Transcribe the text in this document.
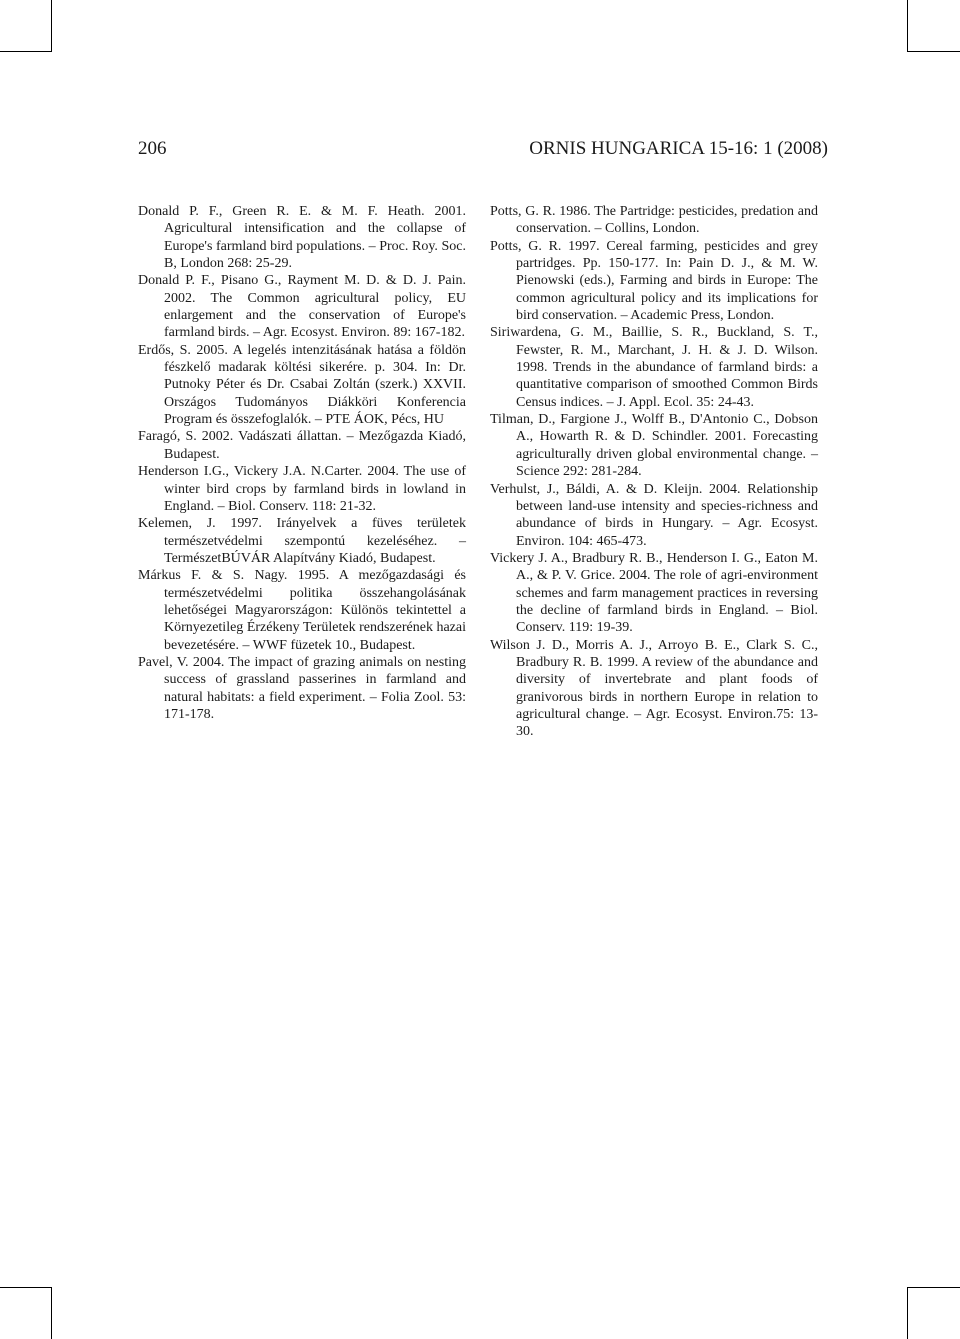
206	ORNIS HUNGARICA 15-16: 1 (2008)

Donald P. F., Green R. E. & M. F. Heath. 2001. Agricultural intensification and the collapse of Europe's farmland bird populations. – Proc. Roy. Soc. B, London 268: 25-29.

Donald P. F., Pisano G., Rayment M. D. & D. J. Pain. 2002. The Common agricultural policy, EU enlargement and the conservation of Europe's farmland birds. – Agr. Ecosyst. Environ. 89: 167-182.

Erdős, S. 2005. A legelés intenzitásának hatása a földön fészkelő madarak költési sikerére. p. 304. In: Dr. Putnoky Péter és Dr. Csabai Zoltán (szerk.) XXVII. Országos Tudományos Diákköri Konferencia Program és összefoglalók. – PTE ÁOK, Pécs, HU

Faragó, S. 2002. Vadászati állattan. – Mezőgazda Kiadó, Budapest.

Henderson I.G., Vickery J.A. N.Carter. 2004. The use of winter bird crops by farmland birds in lowland in England. – Biol. Conserv. 118: 21-32.

Kelemen, J. 1997. Irányelvek a füves területek természetvédelmi szempontú kezeléséhez. – TermészetBÚVÁR Alapítvány Kiadó, Budapest.

Márkus F. & S. Nagy. 1995. A mezőgazdasági és természetvédelmi politika összehangolásának lehetőségei Magyarországon: Különös tekintettel a Környezetileg Érzékeny Területek rendszerének hazai bevezetésére. – WWF füzetek 10., Budapest.

Pavel, V. 2004. The impact of grazing animals on nesting success of grassland passerines in farmland and natural habitats: a field experiment. – Folia Zool. 53: 171-178.

Potts, G. R. 1986. The Partridge: pesticides, predation and conservation. – Collins, London.

Potts, G. R. 1997. Cereal farming, pesticides and grey partridges. Pp. 150-177. In: Pain D. J., & M. W. Pienowski (eds.), Farming and birds in Europe: The common agricultural policy and its implications for bird conservation. – Academic Press, London.

Siriwardena, G. M., Baillie, S. R., Buckland, S. T., Fewster, R. M., Marchant, J. H. & J. D. Wilson. 1998. Trends in the abundance of farmland birds: a quantitative comparison of smoothed Common Birds Census indices. – J. Appl. Ecol. 35: 24-43.

Tilman, D., Fargione J., Wolff B., D'Antonio C., Dobson A., Howarth R. & D. Schindler. 2001. Forecasting agriculturally driven global environmental change. – Science 292: 281-284.

Verhulst, J., Báldi, A. & D. Kleijn. 2004. Relationship between land-use intensity and species-richness and abundance of birds in Hungary. – Agr. Ecosyst. Environ. 104: 465-473.

Vickery J. A., Bradbury R. B., Henderson I. G., Eaton M. A., & P. V. Grice. 2004. The role of agri-environment schemes and farm management practices in reversing the decline of farmland birds in England. – Biol. Conserv. 119: 19-39.

Wilson J. D., Morris A. J., Arroyo B. E., Clark S. C., Bradbury R. B. 1999. A review of the abundance and diversity of invertebrate and plant foods of granivorous birds in northern Europe in relation to agricultural change. – Agr. Ecosyst. Environ.75: 13-30.
